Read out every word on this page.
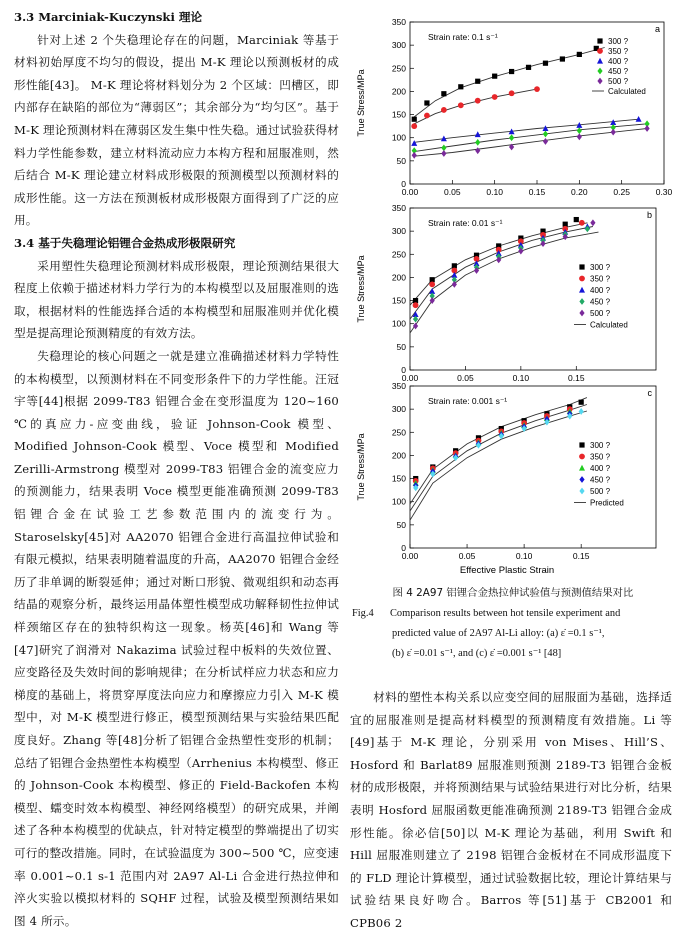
3.3 Marciniak-Kuczynski 理论

针对上述 2 个失稳理论存在的问题，Marciniak 等基于材料初始厚度不均匀的假设，提出 M-K 理论以预测板材的成形性能[43]。 M-K 理论将材料划分为 2 个区域：凹槽区，即内部存在缺陷的部位为“薄弱区”；其余部分为“均匀区”。基于 M-K 理论预测材料在薄弱区发生集中性失稳。通过试验获得材料力学性能参数，建立材料流动应力本构方程和屈服准则，然后结合 M-K 理论建立材料成形极限的预测模型以预测材料的成形性能。这一方法在预测板材成形极限方面得到了广泛的应用。

3.4 基于失稳理论铝锂合金热成形极限研究

采用塑性失稳理论预测材料成形极限，理论预测结果很大程度上依赖于描述材料力学行为的本构模型以及屈服准则的选取，根据材料的性能选择合适的本构模型和屈服准则并优化模型是提高理论预测精度的有效方法。

失稳理论的核心问题之一就是建立准确描述材料力学特性的本构模型，以预测材料在不同变形条件下的力学性能。汪冠宇等[44]根据 2099-T83 铝锂合金在变形温度为 120~160 ℃的真应力-应变曲线，验证 Johnson-Cook 模型、Modified Johnson-Cook 模型、Voce 模型和 Modified Zerilli-Armstrong 模型对 2099-T83 铝锂合金的流变应力的预测能力，结果表明 Voce 模型更能准确预测 2099-T83 铝锂合金在试验工艺参数范围内的流变行为。Staroselsky[45]对 AA2070 铝锂合金进行高温拉伸试验和有限元模拟，结果表明随着温度的升高，AA2070 铝锂合金经历了非单调的断裂延伸；通过对断口形貌、微观组织和动态再结晶的观察分析，最终运用晶体塑性模型成功解释韧性拉伸试样颈缩区存在的独特织构这一现象。杨英[46]和 Wang 等[47]研究了润滑对 Nakazima 试验过程中板料的失效位置、应变路径及失效时间的影响规律；在分析试样应力状态和应力梯度的基础上，将贯穿厚度法向应力和摩擦应力引入 M-K 模型中，对 M-K 模型进行修正，模型预测结果与实验结果匹配度良好。Zhang 等[48]分析了铝锂合金热塑性变形的机制；总结了铝锂合金热塑性本构模型（Arrhenius 本构模型、修正的 Johnson-Cook 本构模型、修正的 Field-Backofen 本构模型、蠕变时效本构模型、神经网络模型）的研究成果，并阐述了各种本构模型的优缺点，针对特定模型的弊端提出了切实可行的整改措施。同时，在试验温度为 300~500 ℃，应变速率 0.001~0.1 s-1 范围内对 2A97 Al-Li 合金进行热拉伸和淬火实验以模拟材料的 SQHF 过程，试验及模型预测结果如图 4 所示。

0
50
100
150
200
250
300
350
0.00	0.05	0.10	0.15	0.20	0.25	0.30
True Stress/MPa
a
Strain rate: 0.1 s⁻¹	300 ?
350 ?
400 ?
450 ?
500 ?
Calculated
0
50
100
150
200
250
300
350
0.00	0.05	0.10	0.15
True Stress/MPa
b
Strain rate: 0.01 s⁻¹
300 ?
350 ?
400 ?
450 ?
500 ?
Calculated
0
50
100
150
200
250
300
350
0.00	0.05	0.10	0.15
True Stress/MPa
Effective Plastic Strain
c
Strain rate: 0.001 s⁻¹
300 ?
350 ?
400 ?
450 ?
500 ?
Predicted
图 4 2A97 铝锂合金热拉伸试验值与预测值结果对比
Fig.4 Comparison results between hot tensile experiment and
predicted value of 2A97 Al-Li alloy: (a) ε̇ =0.1 s⁻¹,
(b) ε̇ =0.01 s⁻¹, and (c) ε̇ =0.001 s⁻¹ [48]

材料的塑性本构关系以应变空间的屈服面为基础，选择适宜的屈服准则是提高材料模型的预测精度有效措施。Li 等[49]基于 M-K 理论，分别采用 von Mises、Hill’S、Hosford 和 Barlat89 屈服准则预测 2189-T3 铝锂合金板材的成形极限，并将预测结果与试验结果进行对比分析，结果表明 Hosford 屈服函数更能准确预测 2189-T3 铝锂合金成形性能。徐必信[50]以 M-K 理论为基础，利用 Swift 和 Hill 屈服准则建立了 2198 铝锂合金板材在不同成形温度下的 FLD 理论计算模型，通过试验数据比较，理论计算结果与试验结果良好吻合。Barros 等[51]基于 CB2001 和 CPB06 2
